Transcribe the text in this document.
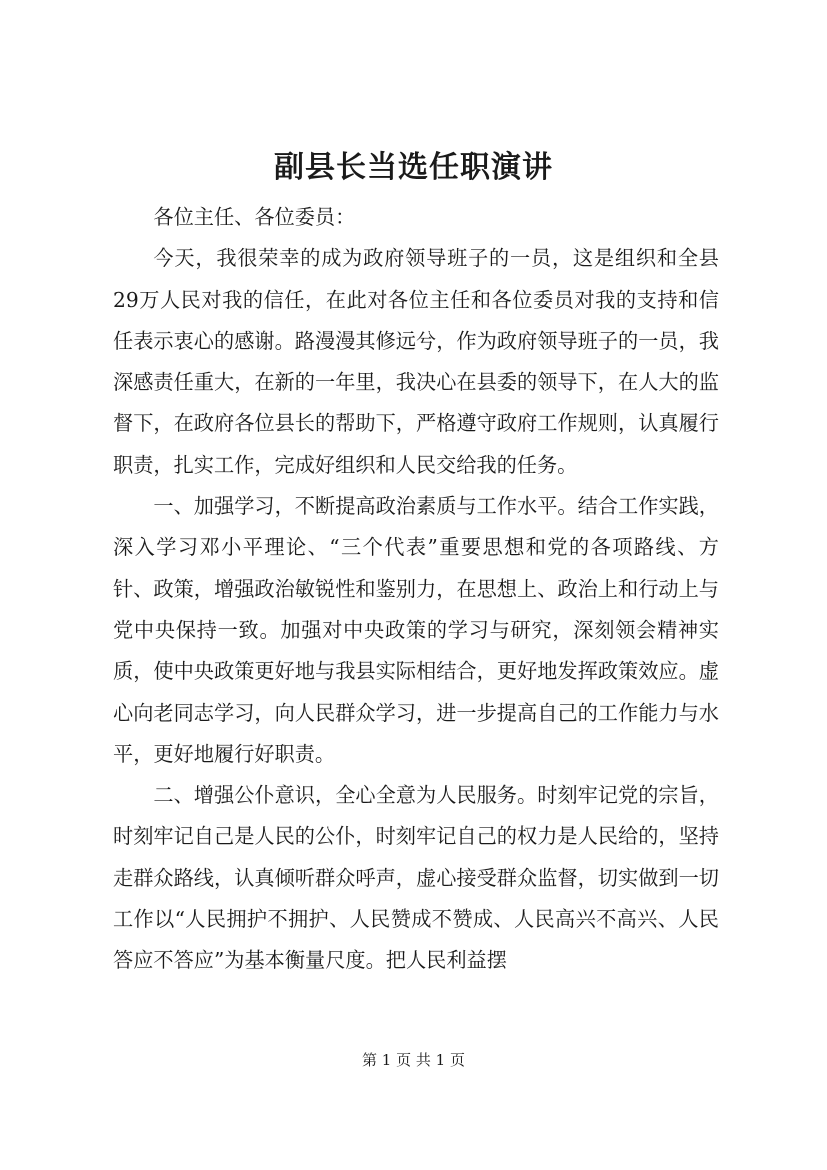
副县长当选任职演讲

各位主任、各位委员：

今天，我很荣幸的成为政府领导班子的一员，这是组织和全县29万人民对我的信任，在此对各位主任和各位委员对我的支持和信任表示衷心的感谢。路漫漫其修远兮，作为政府领导班子的一员，我深感责任重大，在新的一年里，我决心在县委的领导下，在人大的监督下，在政府各位县长的帮助下，严格遵守政府工作规则，认真履行职责，扎实工作，完成好组织和人民交给我的任务。

一、加强学习，不断提高政治素质与工作水平。结合工作实践，深入学习邓小平理论、“三个代表”重要思想和党的各项路线、方针、政策，增强政治敏锐性和鉴别力，在思想上、政治上和行动上与党中央保持一致。加强对中央政策的学习与研究，深刻领会精神实质，使中央政策更好地与我县实际相结合，更好地发挥政策效应。虚心向老同志学习，向人民群众学习，进一步提高自己的工作能力与水平，更好地履行好职责。

二、增强公仆意识，全心全意为人民服务。时刻牢记党的宗旨，时刻牢记自己是人民的公仆，时刻牢记自己的权力是人民给的，坚持走群众路线，认真倾听群众呼声，虚心接受群众监督，切实做到一切工作以“人民拥护不拥护、人民赞成不赞成、人民高兴不高兴、人民答应不答应”为基本衡量尺度。把人民利益摆

第 1 页 共 1 页
